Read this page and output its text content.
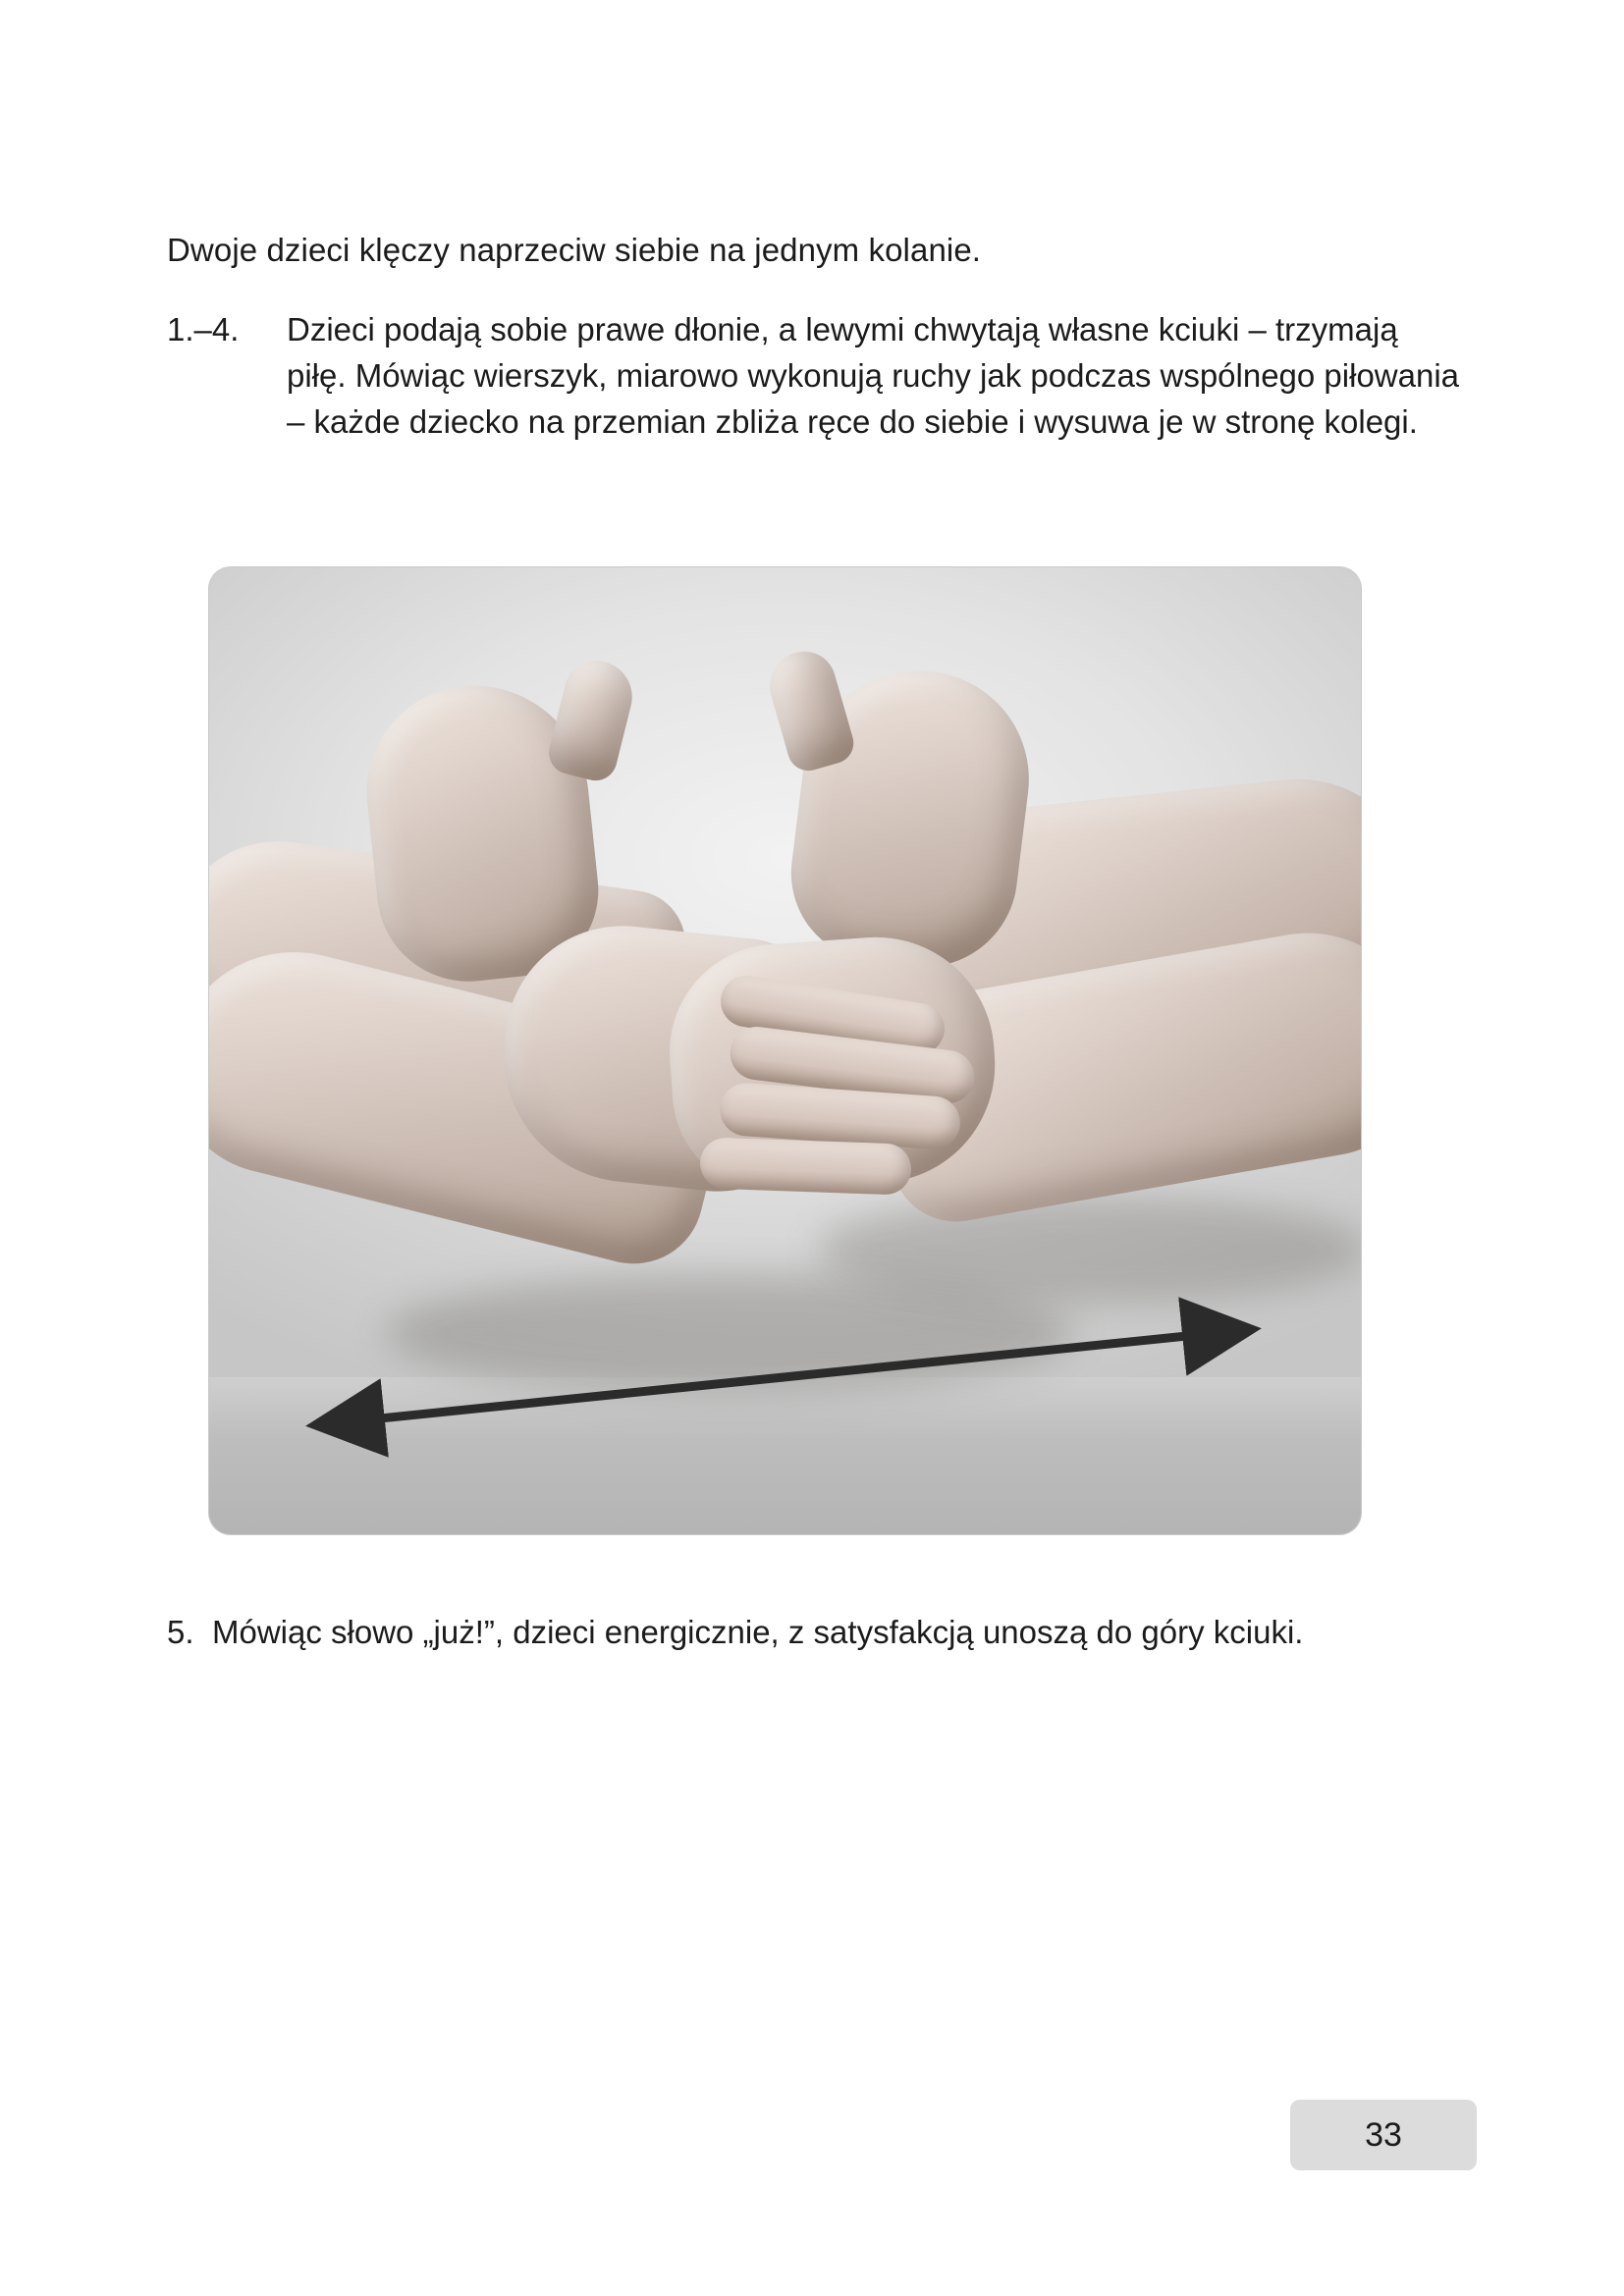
Dwoje dzieci klęczy naprzeciw siebie na jednym kolanie.

1.–4.	Dzieci podają sobie prawe dłonie, a lewymi chwytają własne kciuki – trzymają piłę. Mówiąc wierszyk, miarowo wykonują ruchy jak podczas wspólnego piłowania – każde dziecko na przemian zbliża ręce do siebie i wysuwa je w stronę kolegi.
5. Mówiąc słowo „już!”, dzieci energicznie, z satysfakcją unoszą do góry kciuki.
33
